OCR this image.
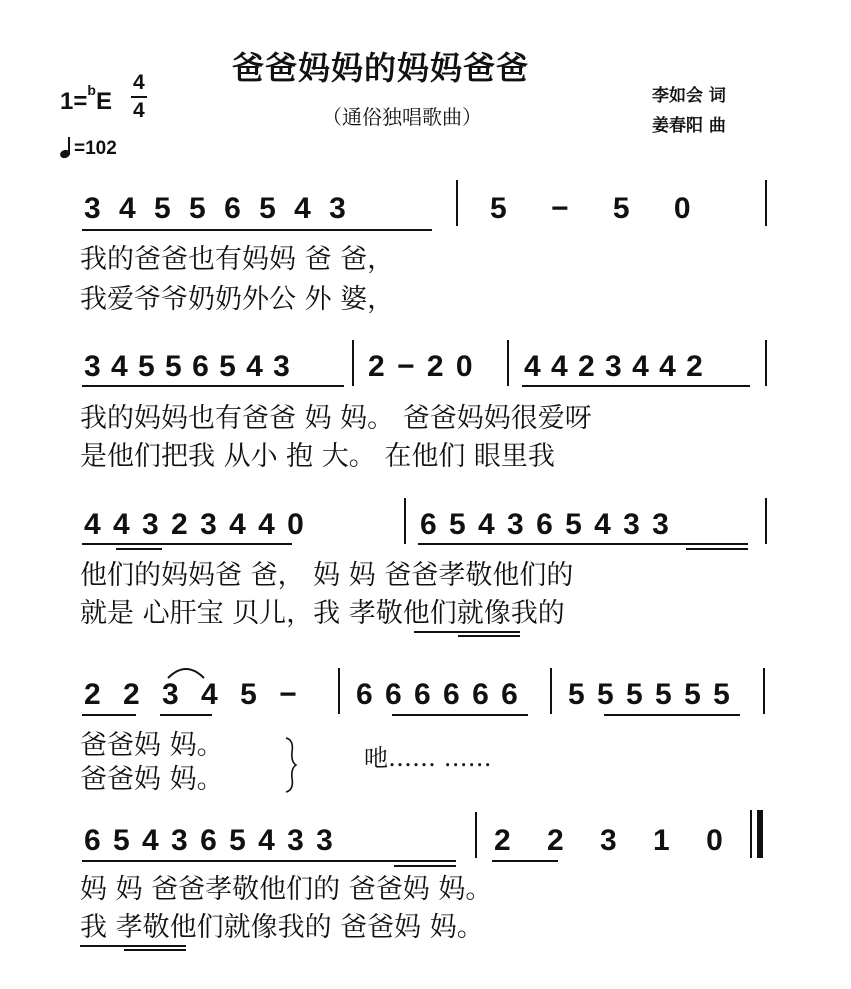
爸爸妈妈的妈妈爸爸
（通俗独唱歌曲）
1=$^b$E
4
4
=102
李如会 词
姜春阳 曲
3 4 5 5 6 5 4 3	5 − 5 0
我的爸爸也有妈妈 爸 爸，
我爱爷爷奶奶外公 外 婆，
3 4 5 5 6 5 4 3	2 − 2 0 4 4 2 3 4 4 2
我的妈妈也有爸爸 妈 妈。 爸爸妈妈很爱呀
是他们把我 从小 抱 大。 在他们 眼里我
4 4 3 2 3 4 4 0	6 5 4 3 6 5 4 3 3
他们的妈妈爸 爸， 妈 妈 爸爸孝敬他们的
就是 心肝宝 贝儿，我 孝敬他们就像我的
2 2 3 4 5 − 6 6 6 6 6 6 5 5 5 5 5 5
爸爸妈 妈。
爸爸妈 妈。
吔…… ……
6 5 4 3 6 5 4 3 3	2 2 3 1 0
妈 妈 爸爸孝敬他们的 爸爸妈 妈。
我 孝敬他们就像我的 爸爸妈 妈。
